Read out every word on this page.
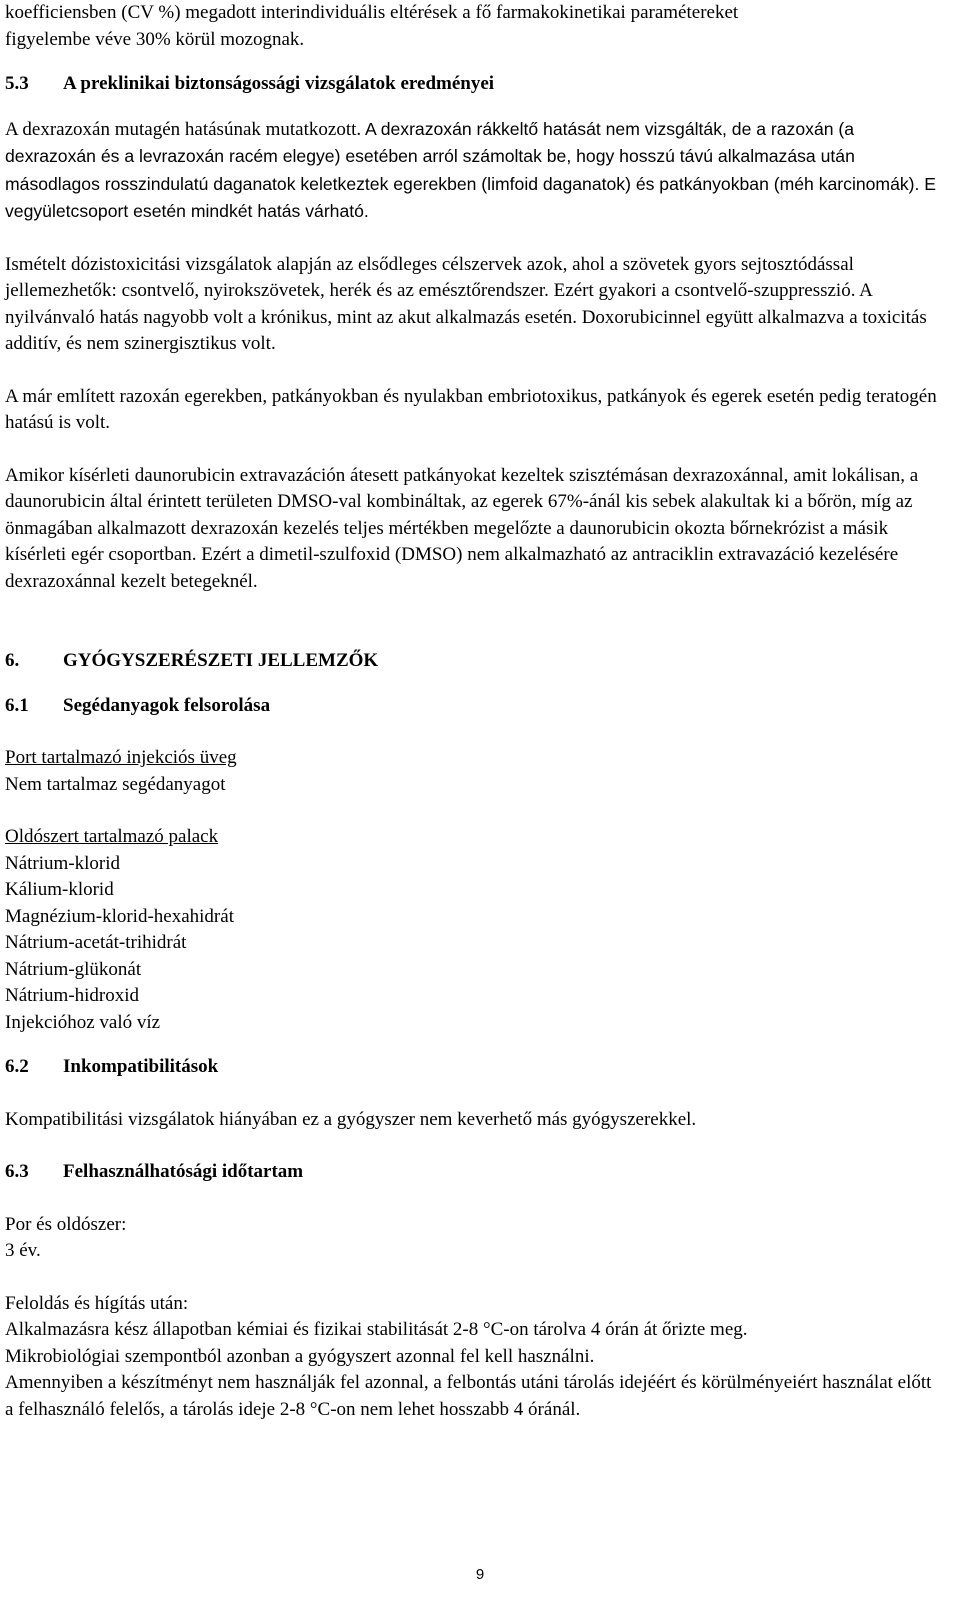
koefficiensben (CV %) megadott interindividuális eltérések a fő farmakokinetikai paramétereket
figyelembe véve 30% körül mozognak.

5.3	A preklinikai biztonságossági vizsgálatok eredményei

A dexrazoxán mutagén hatásúnak mutatkozott. A dexrazoxán rákkeltő hatását nem vizsgálták, de a razoxán (a dexrazoxán és a levrazoxán racém elegye) esetében arról számoltak be, hogy hosszú távú alkalmazása után másodlagos rosszindulatú daganatok keletkeztek egerekben (limfoid daganatok) és patkányokban (méh karcinomák). E vegyületcsoport esetén mindkét hatás várható.

Ismételt dózistoxicitási vizsgálatok alapján az elsődleges célszervek azok, ahol a szövetek gyors sejtosztódással jellemezhetők: csontvelő, nyirokszövetek, herék és az emésztőrendszer. Ezért gyakori a csontvelő-szuppresszió. A nyilvánvaló hatás nagyobb volt a krónikus, mint az akut alkalmazás esetén. Doxorubicinnel együtt alkalmazva a toxicitás additív, és nem szinergisztikus volt.

A már említett razoxán egerekben, patkányokban és nyulakban embriotoxikus, patkányok és egerek esetén pedig teratogén hatású is volt.

Amikor kísérleti daunorubicin extravazáción átesett patkányokat kezeltek szisztémásan dexrazoxánnal, amit lokálisan, a daunorubicin által érintett területen DMSO-val kombináltak, az egerek 67%-ánál kis sebek alakultak ki a bőrön, míg az önmagában alkalmazott dexrazoxán kezelés teljes mértékben megelőzte a daunorubicin okozta bőrnekrózist a másik kísérleti egér csoportban. Ezért a dimetil-szulfoxid (DMSO) nem alkalmazható az antraciklin extravazáció kezelésére dexrazoxánnal kezelt betegeknél.

6.	GYÓGYSZERÉSZETI JELLEMZŐK
6.1	Segédanyagok felsorolása

Port tartalmazó injekciós üveg

Nem tartalmaz segédanyagot

Oldószert tartalmazó palack

Nátrium-klorid
Kálium-klorid
Magnézium-klorid-hexahidrát
Nátrium-acetát-trihidrát
Nátrium-glükonát
Nátrium-hidroxid
Injekcióhoz való víz
6.2	Inkompatibilitások

Kompatibilitási vizsgálatok hiányában ez a gyógyszer nem keverhető más gyógyszerekkel.

6.3	Felhasználhatósági időtartam

Por és oldószer:

3 év.

Feloldás és hígítás után:

Alkalmazásra kész állapotban kémiai és fizikai stabilitását 2-8 °C-on tárolva 4 órán át őrizte meg.

Mikrobiológiai szempontból azonban a gyógyszert azonnal fel kell használni.

Amennyiben a készítményt nem használják fel azonnal, a felbontás utáni tárolás idejéért és körülményeiért használat előtt a felhasználó felelős, a tárolás ideje 2-8 °C-on nem lehet hosszabb 4 óránál.

9
